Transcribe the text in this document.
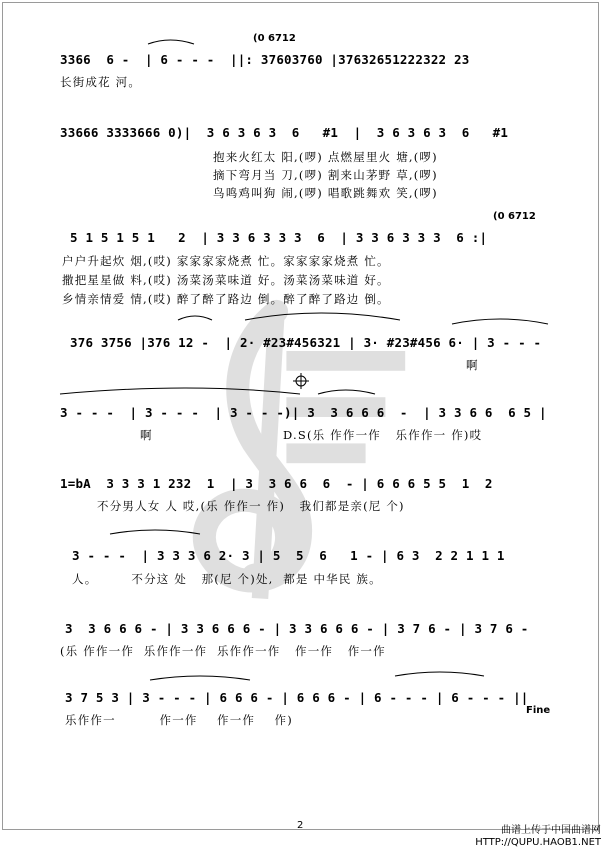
3366  6 -  | 6 - - -  ||: 37603760 |37632651222322 23
长街成花 河。
(0 6712
33666 3333666 0)|  3 6 3 6 3  6   #1  |  3 6 3 6 3  6   #1
抱来火红太 阳,(啰) 点燃屋里火 塘,(啰)
摘下弯月当 刀,(啰) 割来山茅野 草,(啰)
鸟鸣鸡叫狗 闹,(啰) 唱歌跳舞欢 笑,(啰)
(0 6712
5 1 5 1 5 1   2  | 3 3 6 3 3 3  6  | 3 3 6 3 3 3  6 :|
户户升起炊 烟,(哎) 家家家家烧煮 忙。家家家家烧煮 忙。
撒把星星做 料,(哎) 汤菜汤菜味道 好。汤菜汤菜味道 好。
乡情亲情爱 情,(哎) 醉了醉了路边 倒。醉了醉了路边 倒。
376 3756 |376 12 -  | 2· #23#456321 | 3· #23#456 6· | 3 - - -
啊
3 - - -  | 3 - - -  | 3 - - -)| 3  3 6 6 6  -  | 3 3 6 6  6 5 |
啊	D.S(乐 作作一作   乐作作一 作)哎
1=bA  3 3 3 1 232  1  | 3  3 6 6  6  - | 6 6 6 5 5  1  2
不分男人女 人 哎,(乐 作作一 作)   我们都是亲(尼 个)
3 - - -  | 3 3 3 6 2· 3 | 5  5  6   1 - | 6 3  2 2 1 1 1
人。       不分这 处   那(尼 个)处,  都是 中华民 族。
3  3 6 6 6 - | 3 3 6 6 6 - | 3 3 6 6 6 - | 3 7 6 - | 3 7 6 -
(乐 作作一作  乐作作一作  乐作作一作   作一作   作一作
3 7 5 3 | 3 - - - | 6 6 6 - | 6 6 6 - | 6 - - - | 6 - - - ||
乐作作一         作一作    作一作    作)
Fine
2	曲谱上传于中国曲谱网
HTTP://QUPU.HAOB1.NET
